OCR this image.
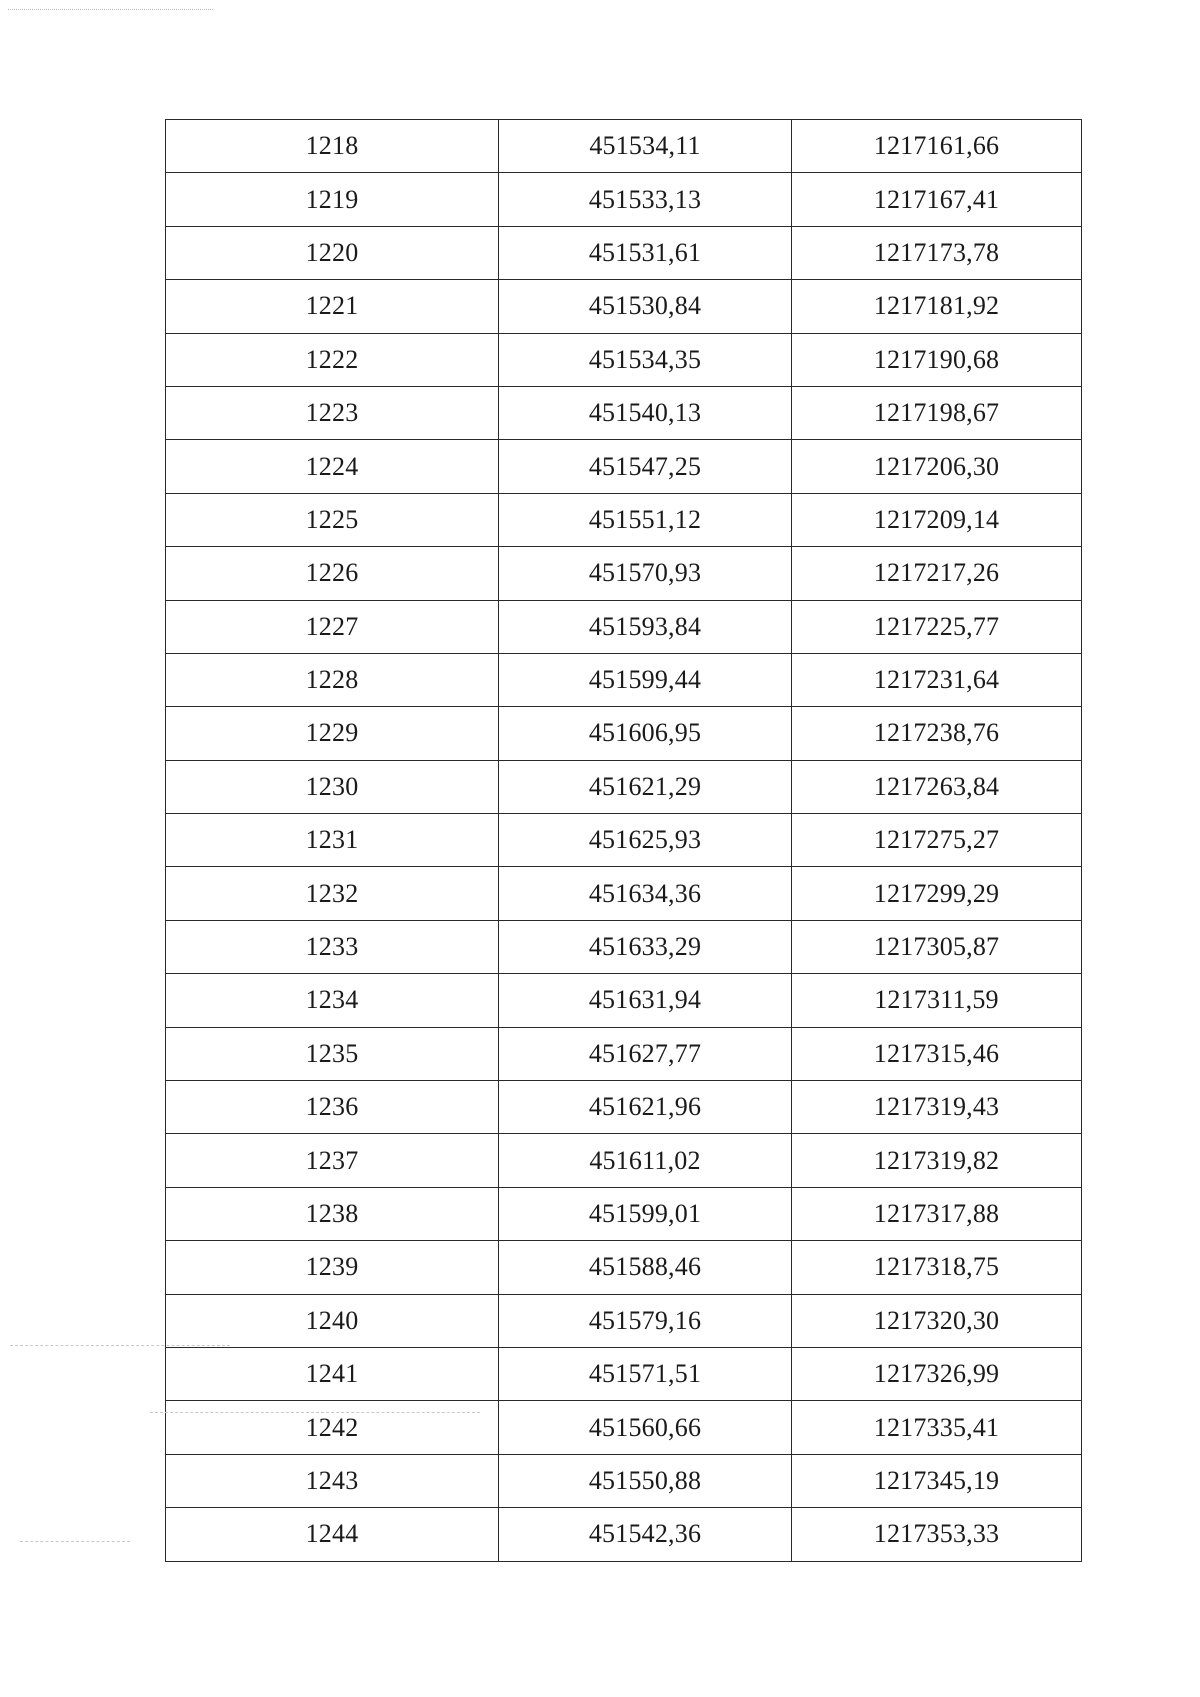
1218	451534,11	1217161,66
1219	451533,13	1217167,41
1220	451531,61	1217173,78
1221	451530,84	1217181,92
1222	451534,35	1217190,68
1223	451540,13	1217198,67
1224	451547,25	1217206,30
1225	451551,12	1217209,14
1226	451570,93	1217217,26
1227	451593,84	1217225,77
1228	451599,44	1217231,64
1229	451606,95	1217238,76
1230	451621,29	1217263,84
1231	451625,93	1217275,27
1232	451634,36	1217299,29
1233	451633,29	1217305,87
1234	451631,94	1217311,59
1235	451627,77	1217315,46
1236	451621,96	1217319,43
1237	451611,02	1217319,82
1238	451599,01	1217317,88
1239	451588,46	1217318,75
1240	451579,16	1217320,30
1241	451571,51	1217326,99
1242	451560,66	1217335,41
1243	451550,88	1217345,19
1244	451542,36	1217353,33
